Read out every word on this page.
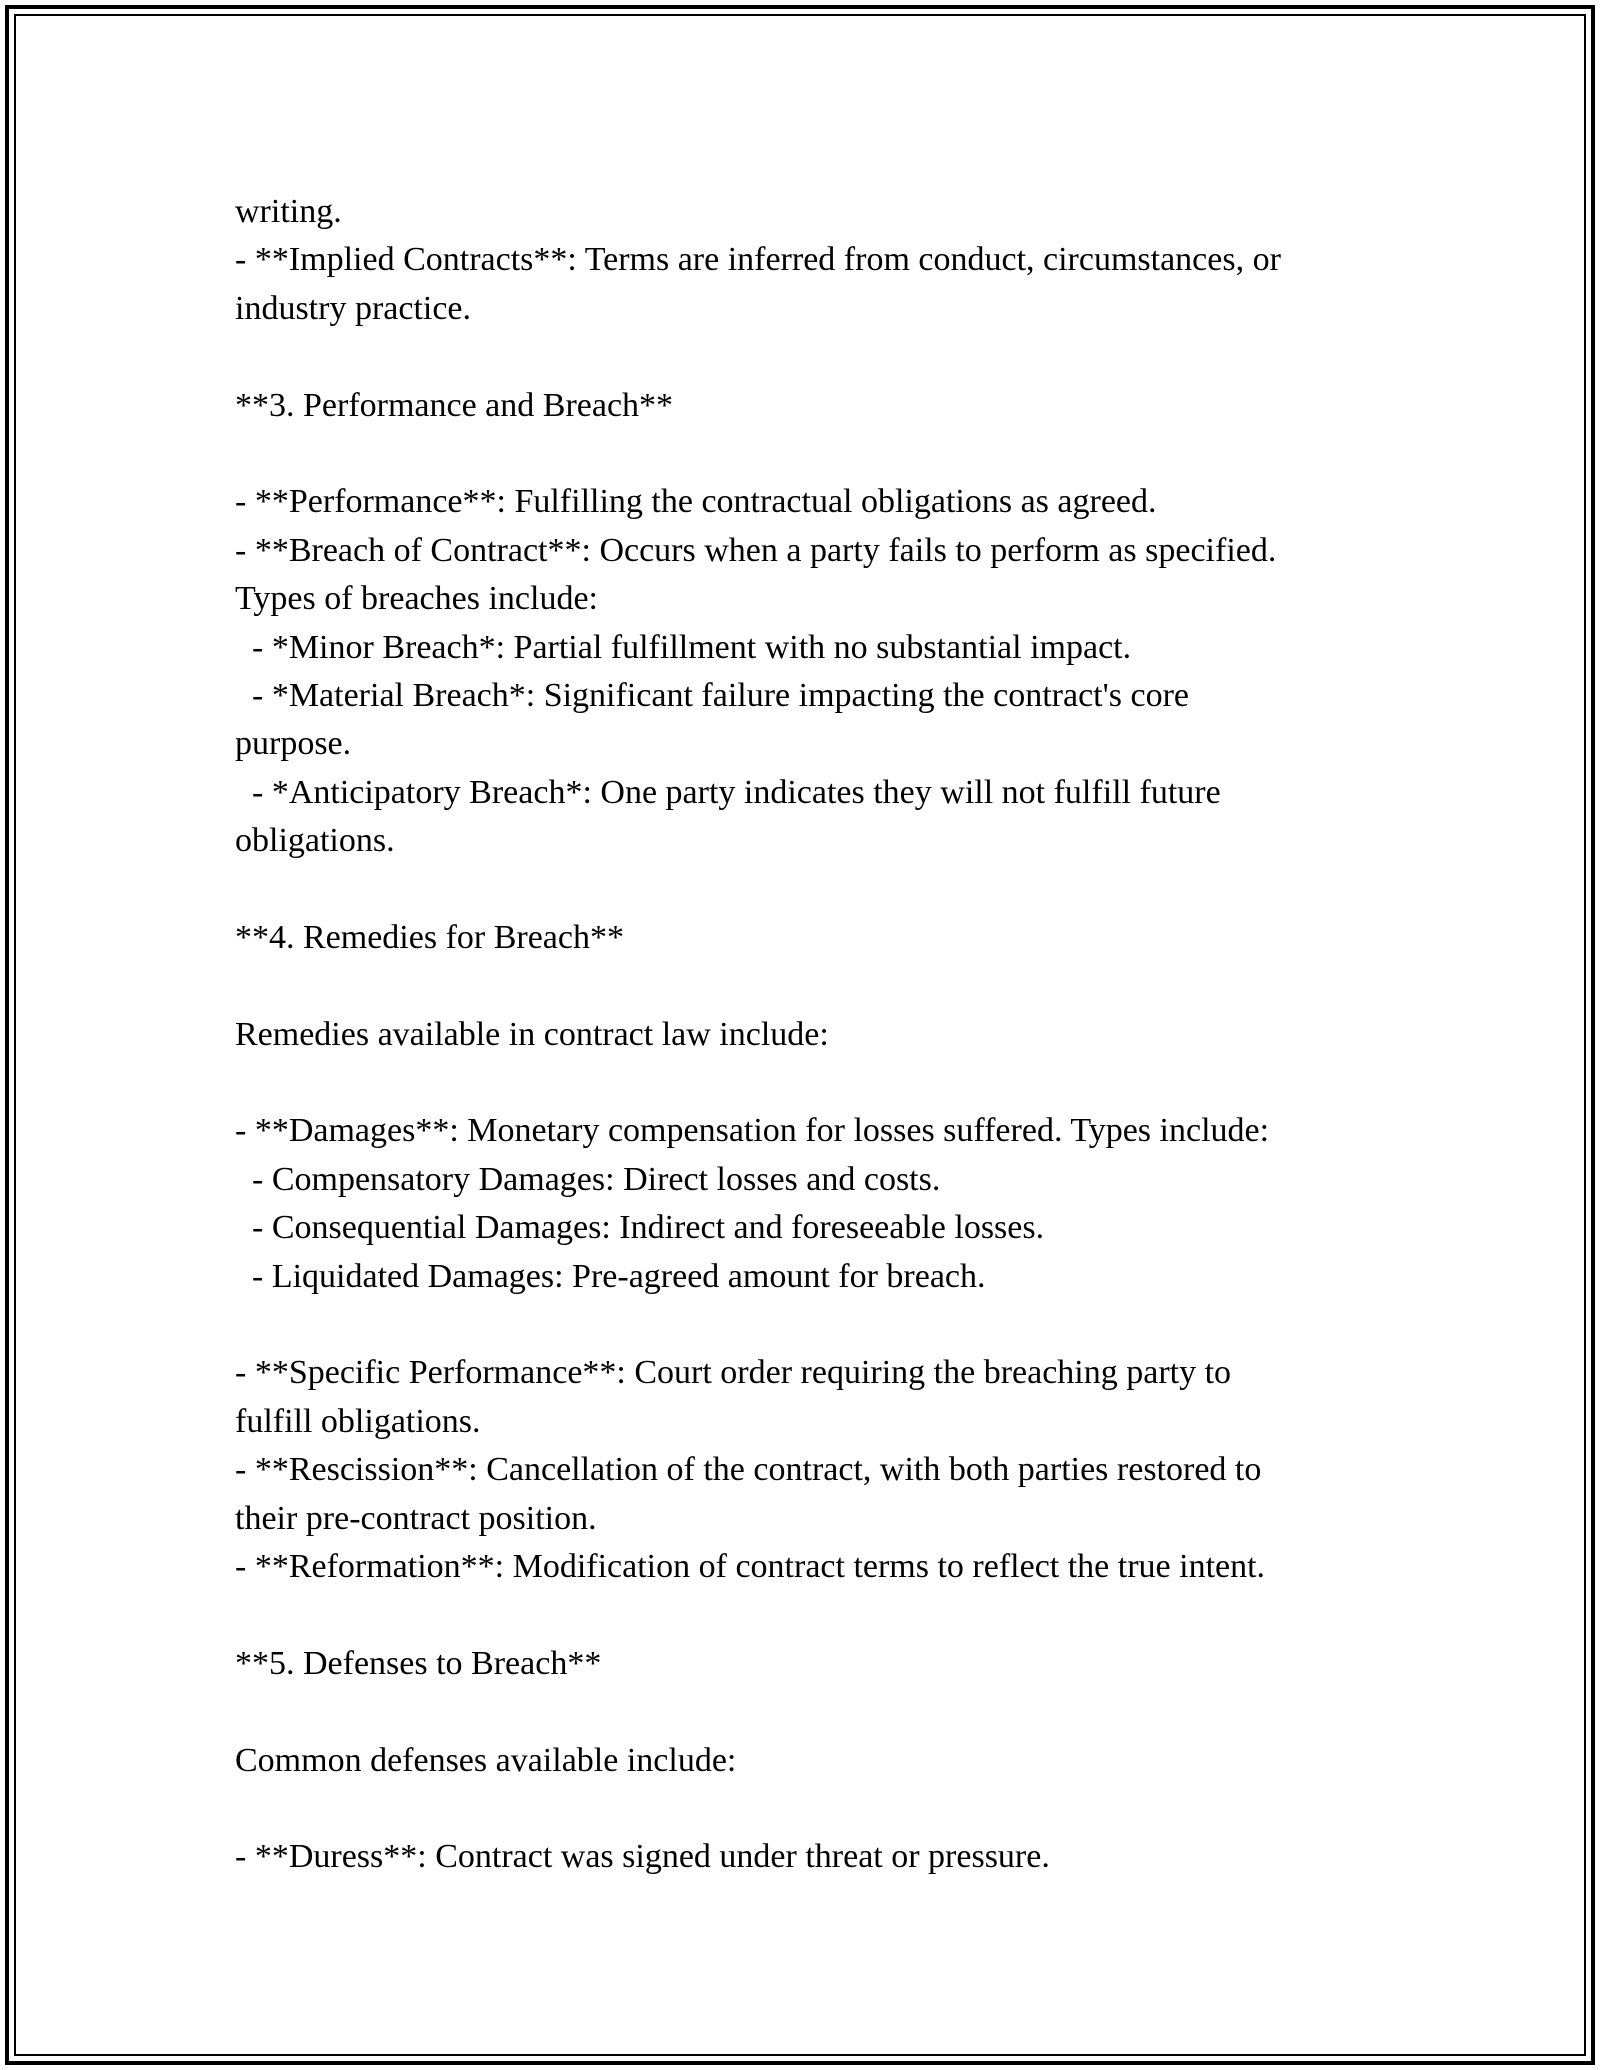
writing.
- **Implied Contracts**: Terms are inferred from conduct, circumstances, or
industry practice.
**3. Performance and Breach**
- **Performance**: Fulfilling the contractual obligations as agreed.
- **Breach of Contract**: Occurs when a party fails to perform as specified.
Types of breaches include:
- *Minor Breach*: Partial fulfillment with no substantial impact.
- *Material Breach*: Significant failure impacting the contract's core
purpose.
- *Anticipatory Breach*: One party indicates they will not fulfill future
obligations.
**4. Remedies for Breach**
Remedies available in contract law include:
- **Damages**: Monetary compensation for losses suffered. Types include:
- Compensatory Damages: Direct losses and costs.
- Consequential Damages: Indirect and foreseeable losses.
- Liquidated Damages: Pre-agreed amount for breach.
- **Specific Performance**: Court order requiring the breaching party to
fulfill obligations.
- **Rescission**: Cancellation of the contract, with both parties restored to
their pre-contract position.
- **Reformation**: Modification of contract terms to reflect the true intent.
**5. Defenses to Breach**
Common defenses available include:
- **Duress**: Contract was signed under threat or pressure.
